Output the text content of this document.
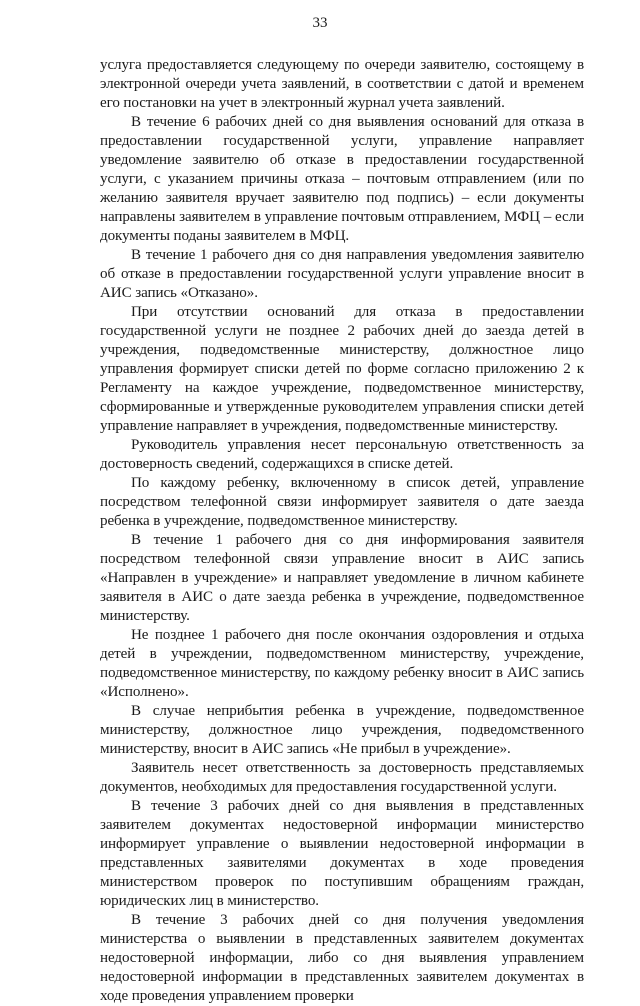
33

услуга предоставляется следующему по очереди заявителю, состоящему в электронной очереди учета заявлений, в соответствии с датой и временем его постановки на учет в электронный журнал учета заявлений.

В течение 6 рабочих дней со дня выявления оснований для отказа в предоставлении государственной услуги, управление направляет уведомление заявителю об отказе в предоставлении государственной услуги, с указанием причины отказа – почтовым отправлением (или по желанию заявителя вручает заявителю под подпись) – если документы направлены заявителем в управление почтовым отправлением, МФЦ – если документы поданы заявителем в МФЦ.

В течение 1 рабочего дня со дня направления уведомления заявителю об отказе в предоставлении государственной услуги управление вносит в АИС запись «Отказано».

При отсутствии оснований для отказа в предоставлении государственной услуги не позднее 2 рабочих дней до заезда детей в учреждения, подведомственные министерству, должностное лицо управления формирует списки детей по форме согласно приложению 2 к Регламенту на каждое учреждение, подведомственное министерству, сформированные и утвержденные руководителем управления списки детей управление направляет в учреждения, подведомственные министерству.

Руководитель управления несет персональную ответственность за достоверность сведений, содержащихся в списке детей.

По каждому ребенку, включенному в список детей, управление посредством телефонной связи информирует заявителя о дате заезда ребенка в учреждение, подведомственное министерству.

В течение 1 рабочего дня со дня информирования заявителя посредством телефонной связи управление вносит в АИС запись «Направлен в учреждение» и направляет уведомление в личном кабинете заявителя в АИС о дате заезда ребенка в учреждение, подведомственное министерству.

Не позднее 1 рабочего дня после окончания оздоровления и отдыха детей в учреждении, подведомственном министерству, учреждение, подведомственное министерству, по каждому ребенку вносит в АИС запись «Исполнено».

В случае неприбытия ребенка в учреждение, подведомственное министерству, должностное лицо учреждения, подведомственного министерству, вносит в АИС запись «Не прибыл в учреждение».

Заявитель несет ответственность за достоверность представляемых документов, необходимых для предоставления государственной услуги.

В течение 3 рабочих дней со дня выявления в представленных заявителем документах недостоверной информации министерство информирует управление о выявлении недостоверной информации в представленных заявителями документах в ходе проведения министерством проверок по поступившим обращениям граждан, юридических лиц в министерство.

В течение 3 рабочих дней со дня получения уведомления министерства о выявлении в представленных заявителем документах недостоверной информации, либо со дня выявления управлением недостоверной информации в представленных заявителем документах в ходе проведения управлением проверки
